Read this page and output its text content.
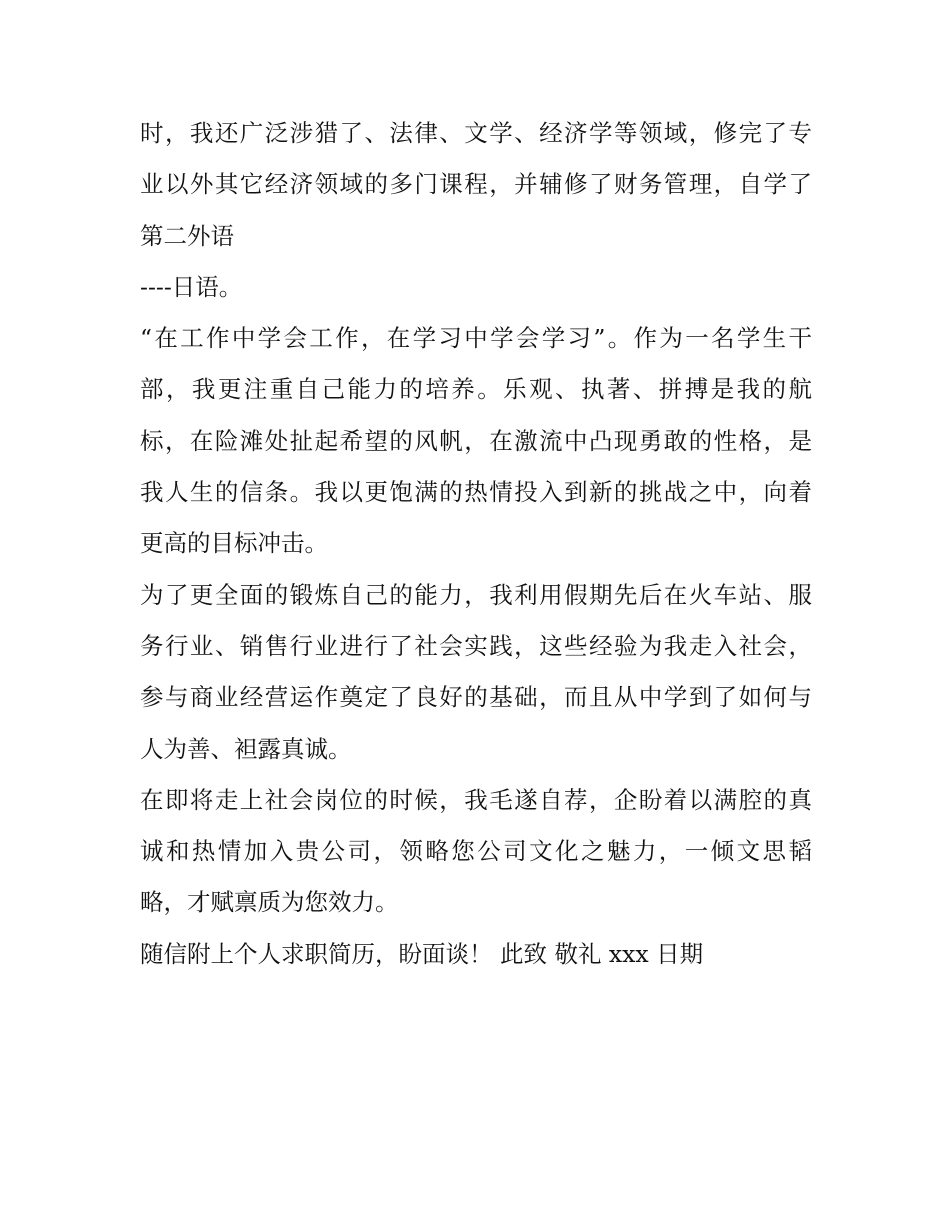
时，我还广泛涉猎了、法律、文学、经济学等领域，修完了专
业以外其它经济领域的多门课程，并辅修了财务管理，自学了
第二外语
----日语。
“在工作中学会工作，在学习中学会学习”。作为一名学生干
部，我更注重自己能力的培养。乐观、执著、拼搏是我的航
标，在险滩处扯起希望的风帆，在激流中凸现勇敢的性格，是
我人生的信条。我以更饱满的热情投入到新的挑战之中，向着
更高的目标冲击。
为了更全面的锻炼自己的能力，我利用假期先后在火车站、服
务行业、销售行业进行了社会实践，这些经验为我走入社会，
参与商业经营运作奠定了良好的基础，而且从中学到了如何与
人为善、袒露真诚。
在即将走上社会岗位的时候，我毛遂自荐，企盼着以满腔的真
诚和热情加入贵公司，领略您公司文化之魅力，一倾文思韬
略，才赋禀质为您效力。
随信附上个人求职简历，盼面谈！ 此致 敬礼 xxx 日期
